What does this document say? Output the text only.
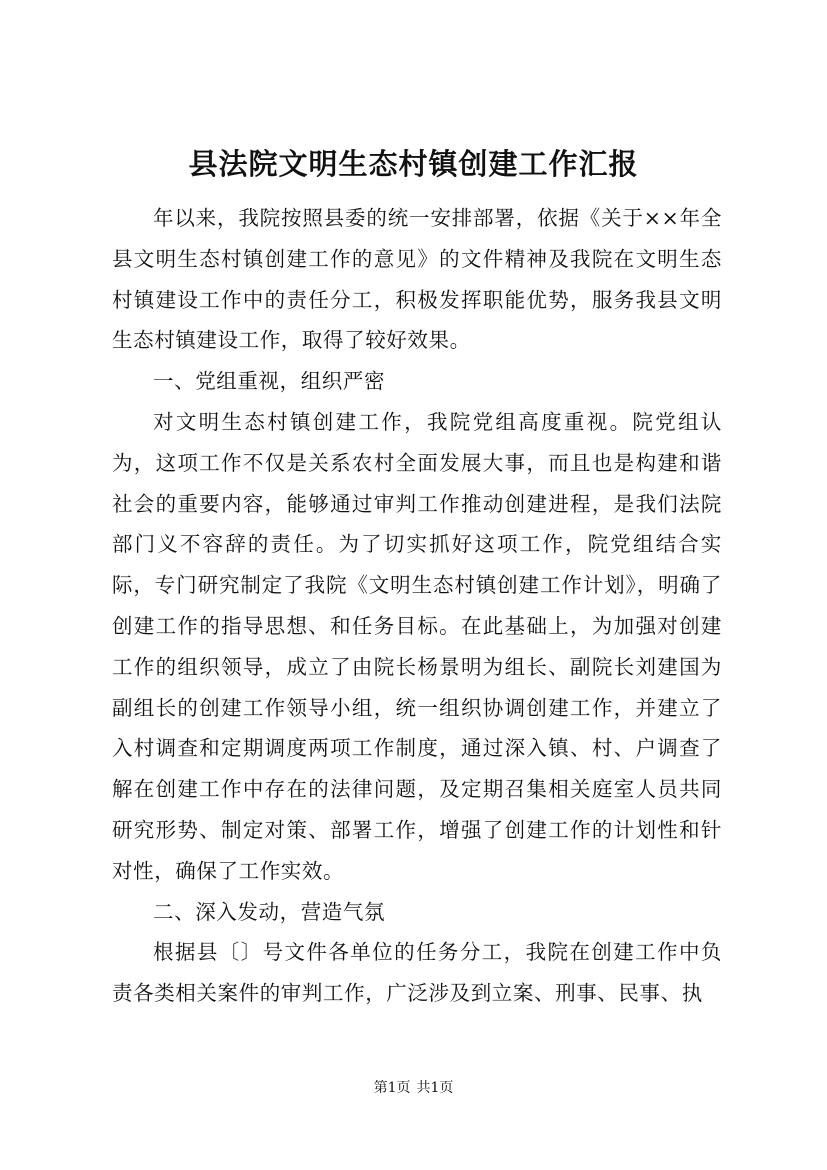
县法院文明生态村镇创建工作汇报

年以来，我院按照县委的统一安排部署，依据《关于××年全县文明生态村镇创建工作的意见》的文件精神及我院在文明生态村镇建设工作中的责任分工，积极发挥职能优势，服务我县文明生态村镇建设工作，取得了较好效果。

一、党组重视，组织严密

对文明生态村镇创建工作，我院党组高度重视。院党组认为，这项工作不仅是关系农村全面发展大事，而且也是构建和谐社会的重要内容，能够通过审判工作推动创建进程，是我们法院部门义不容辞的责任。为了切实抓好这项工作，院党组结合实际，专门研究制定了我院《文明生态村镇创建工作计划》，明确了创建工作的指导思想、和任务目标。在此基础上，为加强对创建工作的组织领导，成立了由院长杨景明为组长、副院长刘建国为副组长的创建工作领导小组，统一组织协调创建工作，并建立了入村调查和定期调度两项工作制度，通过深入镇、村、户调查了解在创建工作中存在的法律问题，及定期召集相关庭室人员共同研究形势、制定对策、部署工作，增强了创建工作的计划性和针对性，确保了工作实效。

二、深入发动，营造气氛

根据县〔〕号文件各单位的任务分工，我院在创建工作中负责各类相关案件的审判工作，广泛涉及到立案、刑事、民事、执

第1页 共1页
